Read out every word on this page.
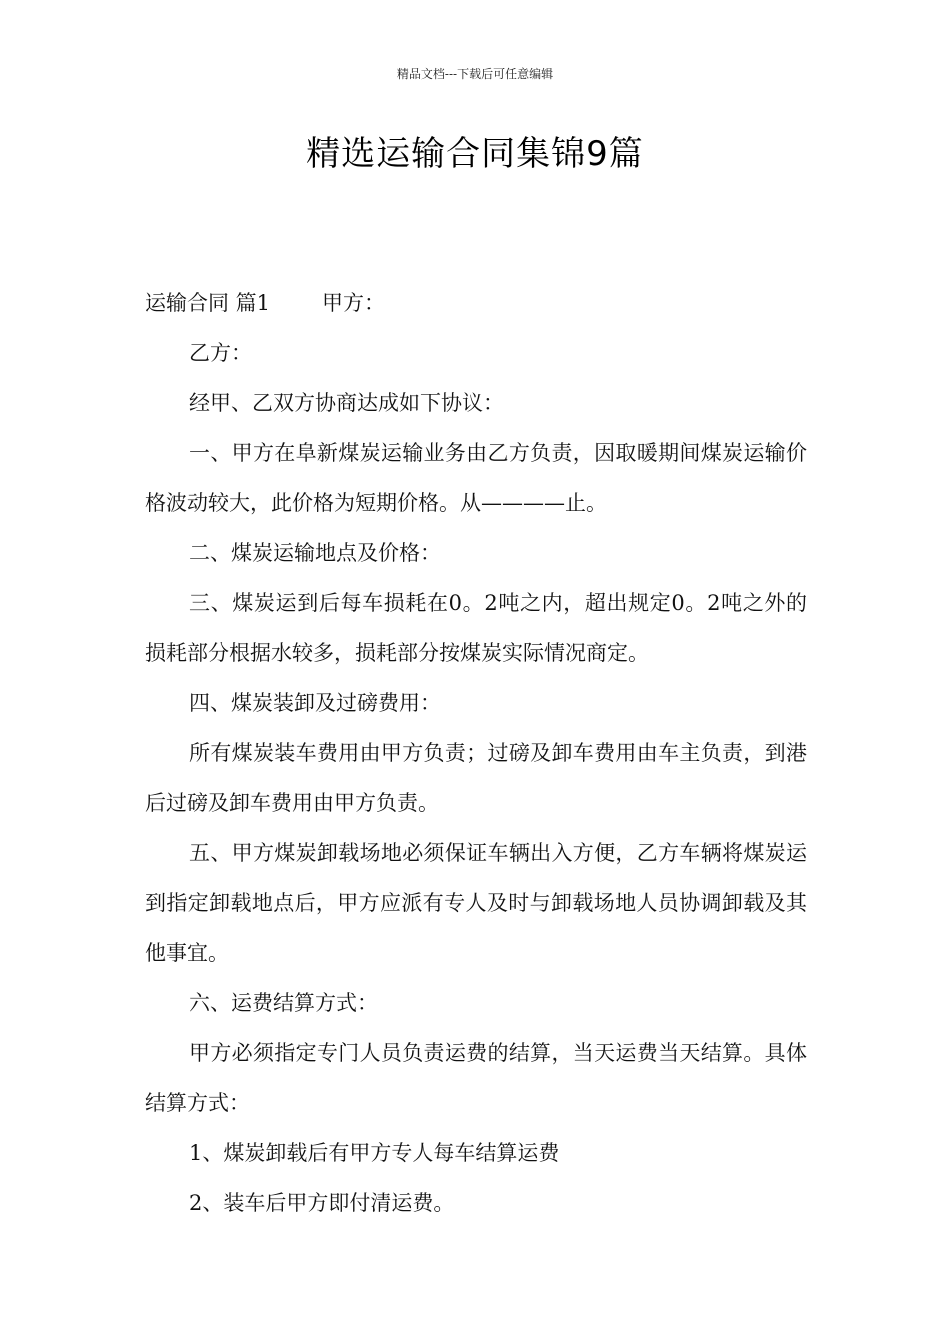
精品文档---下载后可任意编辑
精选运输合同集锦9篇

运输合同 篇1 甲方：

乙方：

经甲、乙双方协商达成如下协议：

一、甲方在阜新煤炭运输业务由乙方负责，因取暖期间煤炭运输价格波动较大，此价格为短期价格。从————止。

二、煤炭运输地点及价格：

三、煤炭运到后每车损耗在0。2吨之内，超出规定0。2吨之外的损耗部分根据水较多，损耗部分按煤炭实际情况商定。

四、煤炭装卸及过磅费用：

所有煤炭装车费用由甲方负责；过磅及卸车费用由车主负责，到港后过磅及卸车费用由甲方负责。

五、甲方煤炭卸载场地必须保证车辆出入方便，乙方车辆将煤炭运到指定卸载地点后，甲方应派有专人及时与卸载场地人员协调卸载及其他事宜。

六、运费结算方式：

甲方必须指定专门人员负责运费的结算，当天运费当天结算。具体结算方式：

1、煤炭卸载后有甲方专人每车结算运费

2、装车后甲方即付清运费。
